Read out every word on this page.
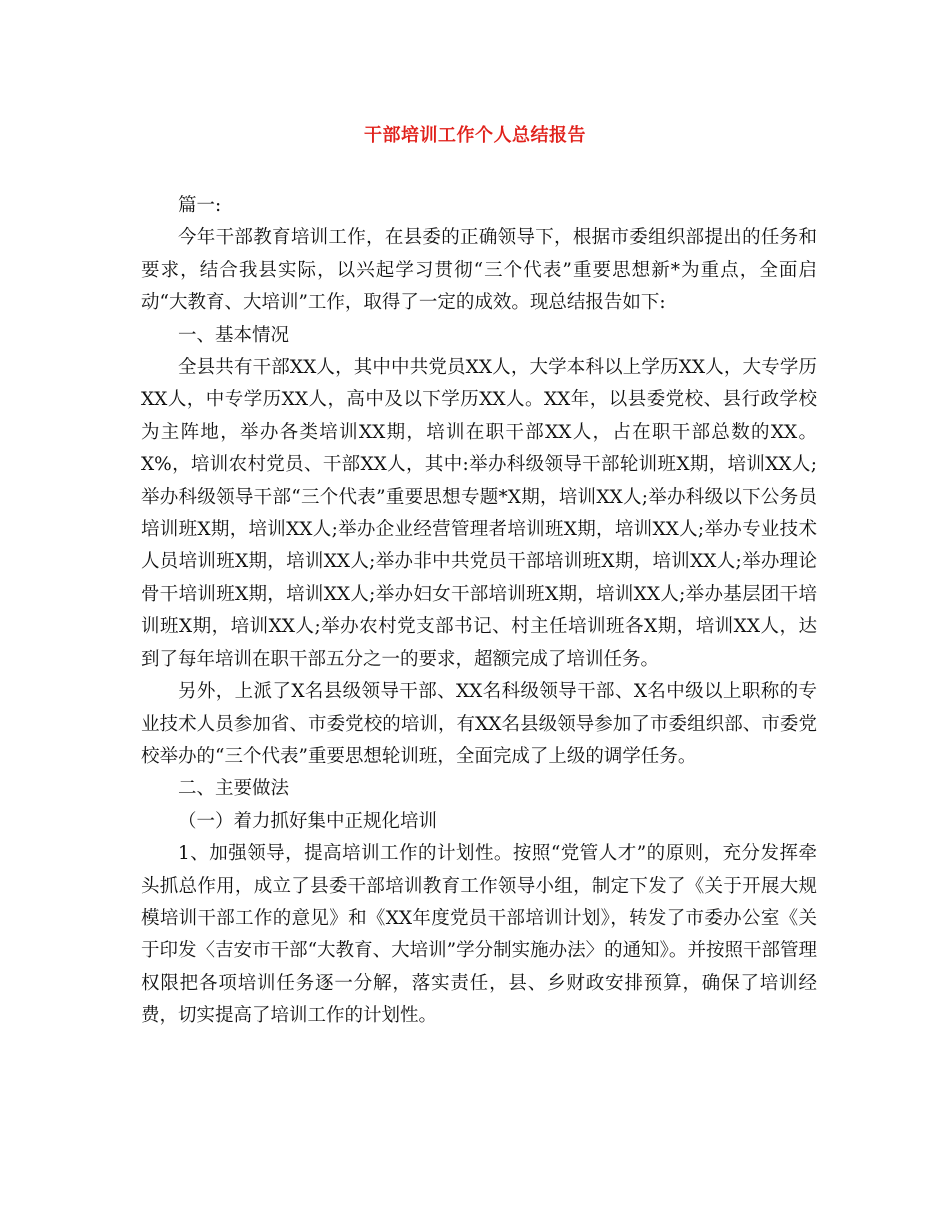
干部培训工作个人总结报告

篇一:

今年干部教育培训工作，在县委的正确领导下，根据市委组织部提出的任务和要求，结合我县实际，以兴起学习贯彻“三个代表”重要思想新*为重点，全面启动“大教育、大培训”工作，取得了一定的成效。现总结报告如下:

一、基本情况

全县共有干部XX人，其中中共党员XX人，大学本科以上学历XX人，大专学历XX人，中专学历XX人，高中及以下学历XX人。XX年，以县委党校、县行政学校为主阵地，举办各类培训XX期，培训在职干部XX人，占在职干部总数的XX。X%，培训农村党员、干部XX人，其中:举办科级领导干部轮训班X期，培训XX人;举办科级领导干部“三个代表”重要思想专题*X期，培训XX人;举办科级以下公务员培训班X期，培训XX人;举办企业经营管理者培训班X期，培训XX人;举办专业技术人员培训班X期，培训XX人;举办非中共党员干部培训班X期，培训XX人;举办理论骨干培训班X期，培训XX人;举办妇女干部培训班X期，培训XX人;举办基层团干培训班X期，培训XX人;举办农村党支部书记、村主任培训班各X期，培训XX人，达到了每年培训在职干部五分之一的要求，超额完成了培训任务。

另外，上派了X名县级领导干部、XX名科级领导干部、X名中级以上职称的专业技术人员参加省、市委党校的培训，有XX名县级领导参加了市委组织部、市委党校举办的“三个代表”重要思想轮训班，全面完成了上级的调学任务。

二、主要做法

（一）着力抓好集中正规化培训

1、加强领导，提高培训工作的计划性。按照“党管人才”的原则，充分发挥牵头抓总作用，成立了县委干部培训教育工作领导小组，制定下发了《关于开展大规模培训干部工作的意见》和《XX年度党员干部培训计划》，转发了市委办公室《关于印发〈吉安市干部“大教育、大培训”学分制实施办法〉的通知》。并按照干部管理权限把各项培训任务逐一分解，落实责任，县、乡财政安排预算，确保了培训经费，切实提高了培训工作的计划性。
